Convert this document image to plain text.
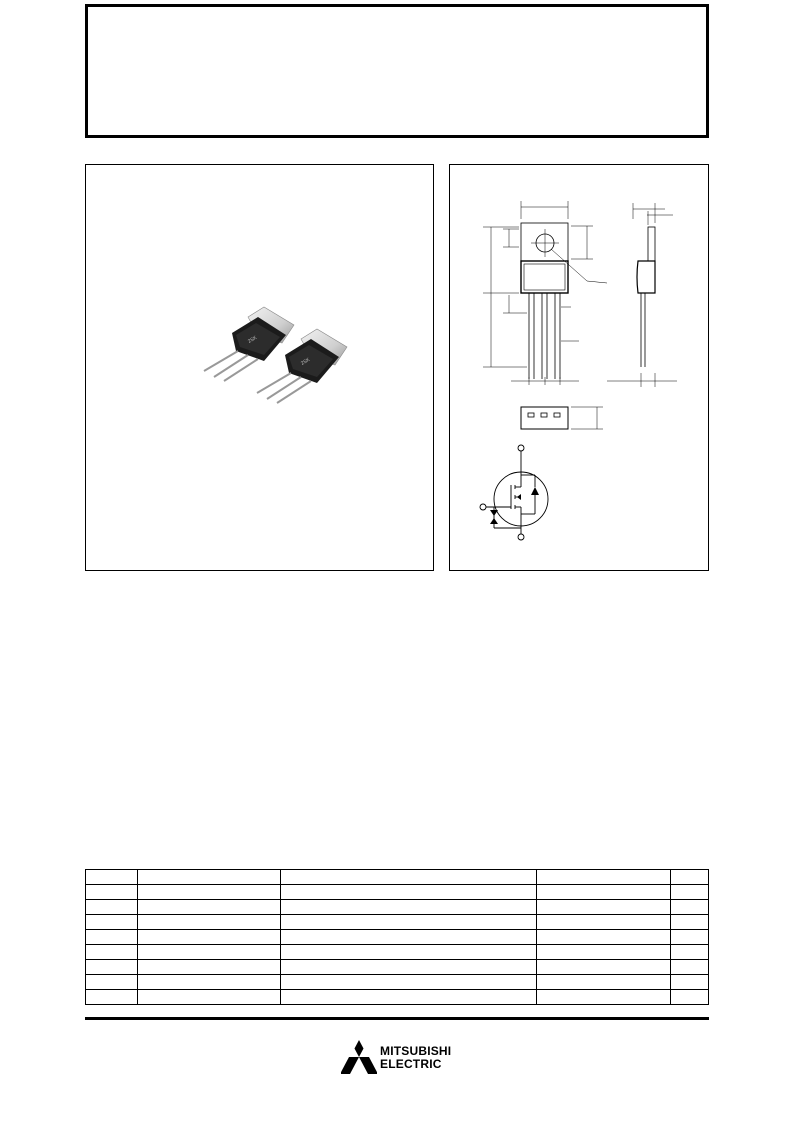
2SK
2SK

MITSUBISHI
ELECTRIC
